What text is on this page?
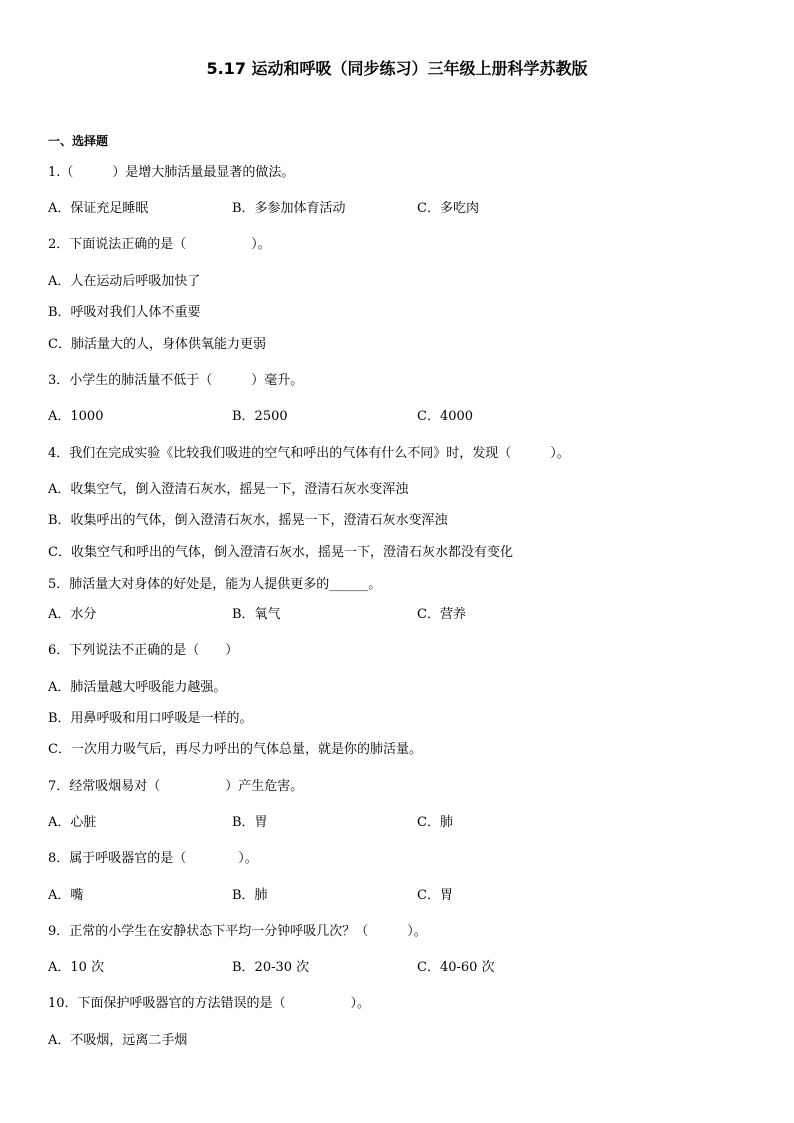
5.17 运动和呼吸（同步练习）三年级上册科学苏教版
一、选择题
1.（　　　）是增大肺活量最显著的做法。
A．保证充足睡眠	B．多参加体育活动	C．多吃肉
2．下面说法正确的是（　　　　　）。
A．人在运动后呼吸加快了
B．呼吸对我们人体不重要
C．肺活量大的人，身体供氧能力更弱
3．小学生的肺活量不低于（　　　）毫升。
A．1000	B．2500	C．4000
4．我们在完成实验《比较我们吸进的空气和呼出的气体有什么不同》时，发现（　　　）。
A．收集空气，倒入澄清石灰水，摇晃一下，澄清石灰水变浑浊
B．收集呼出的气体，倒入澄清石灰水，摇晃一下，澄清石灰水变浑浊
C．收集空气和呼出的气体，倒入澄清石灰水，摇晃一下，澄清石灰水都没有变化
5．肺活量大对身体的好处是，能为人提供更多的______。
A．水分	B．氧气	C．营养
6．下列说法不正确的是（　　）
A．肺活量越大呼吸能力越强。
B．用鼻呼吸和用口呼吸是一样的。
C．一次用力吸气后，再尽力呼出的气体总量，就是你的肺活量。
7．经常吸烟易对（　　　　　）产生危害。
A．心脏	B．胃	C．肺
8．属于呼吸器官的是（　　　　）。
A．嘴	B．肺	C．胃
9．正常的小学生在安静状态下平均一分钟呼吸几次？（　　　）。
A．10 次	B．20-30 次	C．40-60 次
10．下面保护呼吸器官的方法错误的是（　　　　　）。
A．不吸烟，远离二手烟
